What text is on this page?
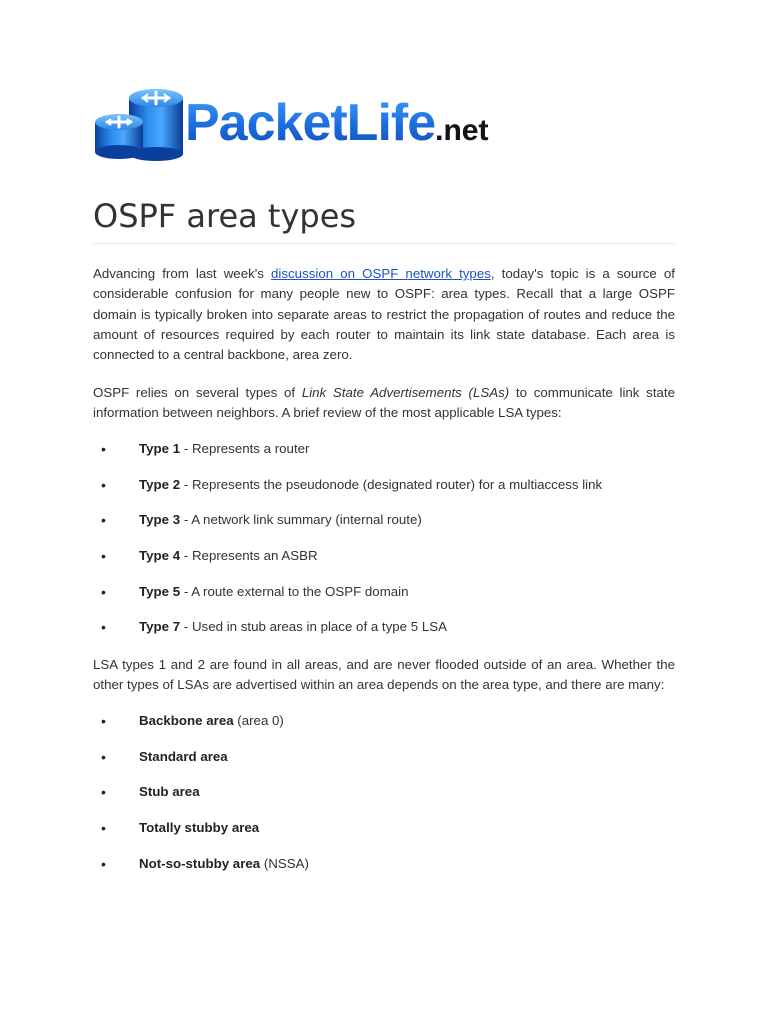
PacketLife.net
OSPF area types

Advancing from last week's discussion on OSPF network types, today's topic is a source of considerable confusion for many people new to OSPF: area types. Recall that a large OSPF domain is typically broken into separate areas to restrict the propagation of routes and reduce the amount of resources required by each router to maintain its link state database. Each area is connected to a central backbone, area zero.

OSPF relies on several types of Link State Advertisements (LSAs) to communicate link state information between neighbors. A brief review of the most applicable LSA types:

• Type 1 - Represents a router
• Type 2 - Represents the pseudonode (designated router) for a multiaccess link
• Type 3 - A network link summary (internal route)
• Type 4 - Represents an ASBR
• Type 5 - A route external to the OSPF domain
• Type 7 - Used in stub areas in place of a type 5 LSA

LSA types 1 and 2 are found in all areas, and are never flooded outside of an area. Whether the other types of LSAs are advertised within an area depends on the area type, and there are many:

• Backbone area (area 0)
• Standard area
• Stub area
• Totally stubby area
• Not-so-stubby area (NSSA)
